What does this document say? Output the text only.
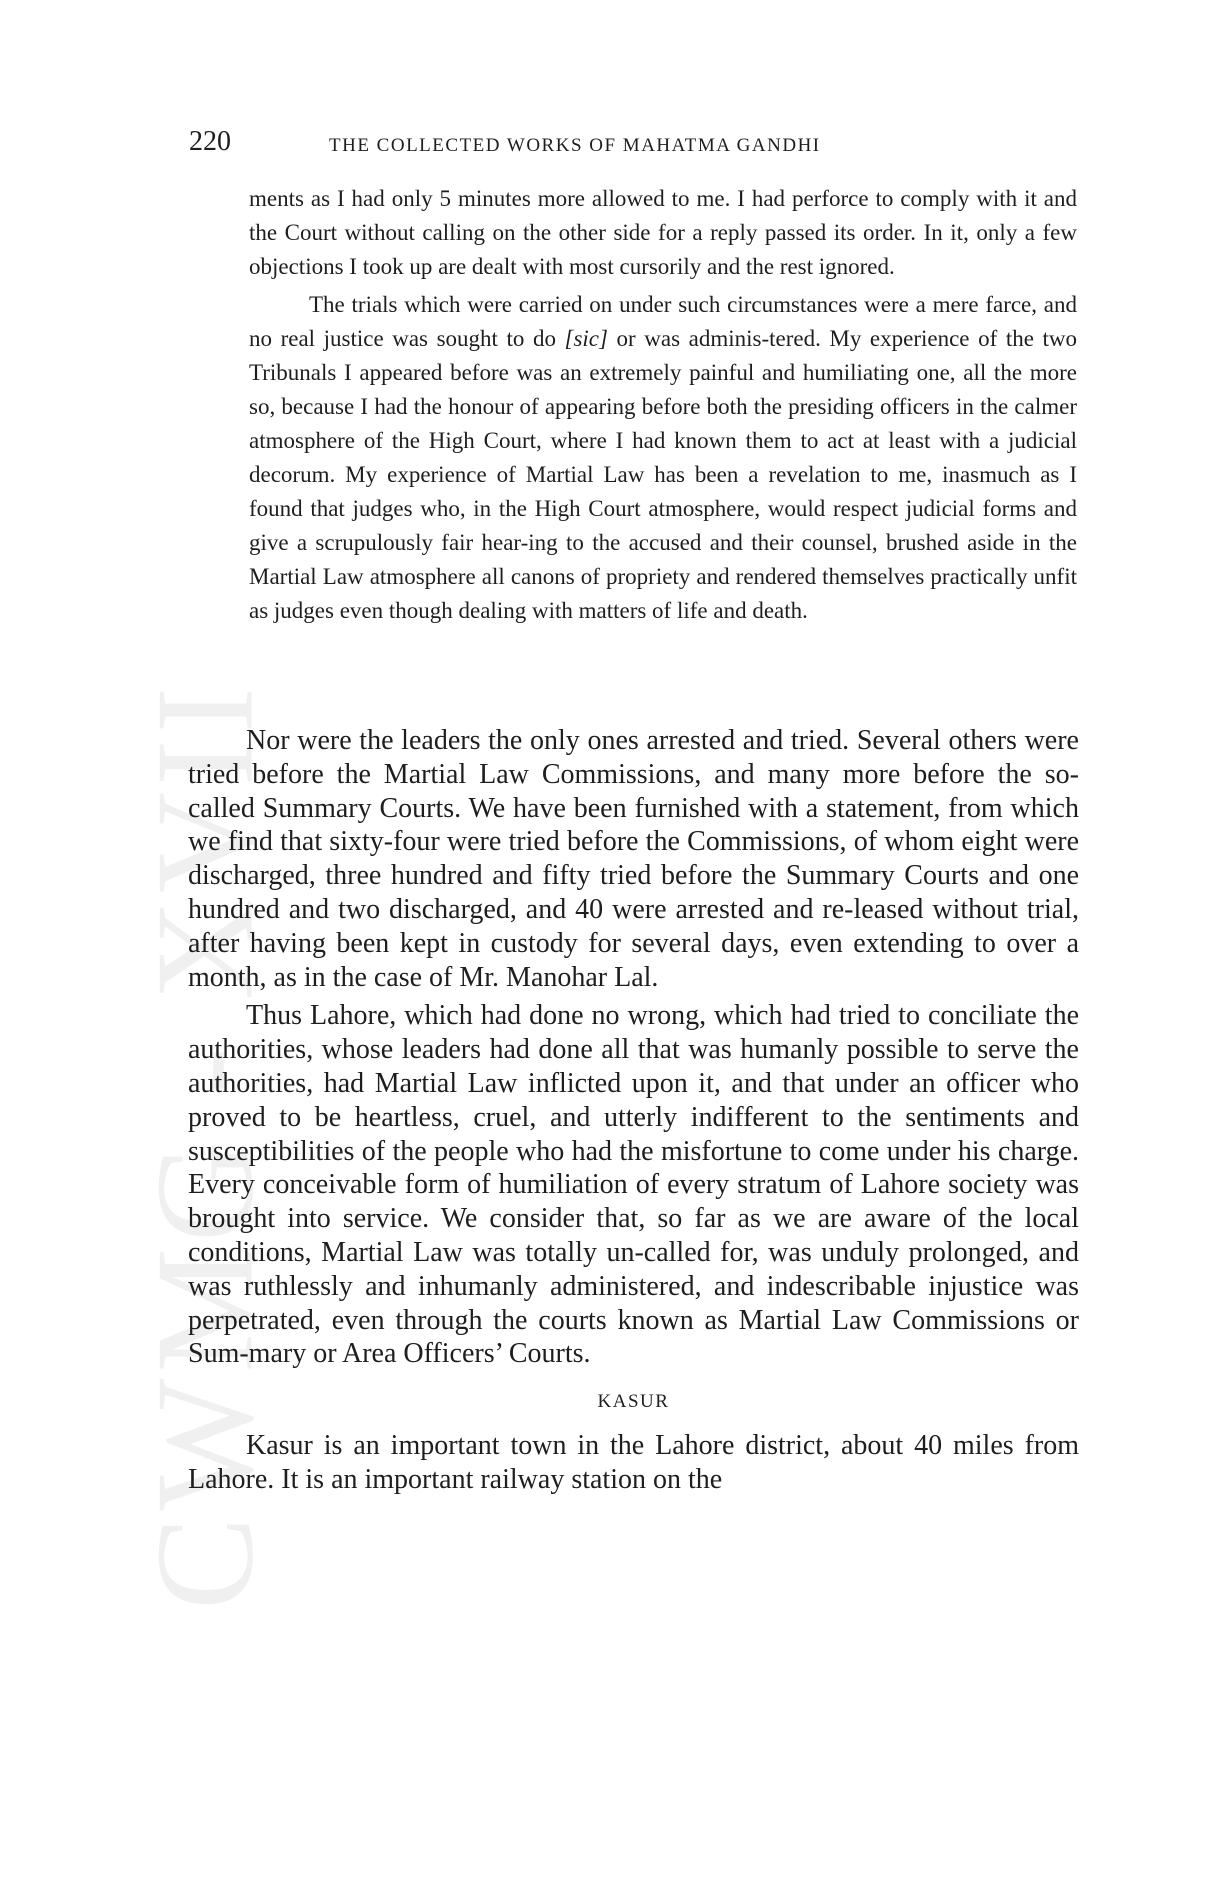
CWMG - XVII
220	THE COLLECTED WORKS OF MAHATMA GANDHI

ments as I had only 5 minutes more allowed to me. I had perforce to comply with it and the Court without calling on the other side for a reply passed its order. In it, only a few objections I took up are dealt with most cursorily and the rest ignored.

The trials which were carried on under such circumstances were a mere farce, and no real justice was sought to do [sic] or was adminis-tered. My experience of the two Tribunals I appeared before was an extremely painful and humiliating one, all the more so, because I had the honour of appearing before both the presiding officers in the calmer atmosphere of the High Court, where I had known them to act at least with a judicial decorum. My experience of Martial Law has been a revelation to me, inasmuch as I found that judges who, in the High Court atmosphere, would respect judicial forms and give a scrupulously fair hear-ing to the accused and their counsel, brushed aside in the Martial Law atmosphere all canons of propriety and rendered themselves practically unfit as judges even though dealing with matters of life and death.

Nor were the leaders the only ones arrested and tried. Several others were tried before the Martial Law Commissions, and many more before the so-called Summary Courts. We have been furnished with a statement, from which we find that sixty-four were tried before the Commissions, of whom eight were discharged, three hundred and fifty tried before the Summary Courts and one hundred and two discharged, and 40 were arrested and re-leased without trial, after having been kept in custody for several days, even extending to over a month, as in the case of Mr. Manohar Lal.

Thus Lahore, which had done no wrong, which had tried to conciliate the authorities, whose leaders had done all that was humanly possible to serve the authorities, had Martial Law inflicted upon it, and that under an officer who proved to be heartless, cruel, and utterly indifferent to the sentiments and susceptibilities of the people who had the misfortune to come under his charge. Every conceivable form of humiliation of every stratum of Lahore society was brought into service. We consider that, so far as we are aware of the local conditions, Martial Law was totally un-called for, was unduly prolonged, and was ruthlessly and inhumanly administered, and indescribable injustice was perpetrated, even through the courts known as Martial Law Commissions or Sum-mary or Area Officers’ Courts.

KASUR

Kasur is an important town in the Lahore district, about 40 miles from Lahore. It is an important railway station on the
